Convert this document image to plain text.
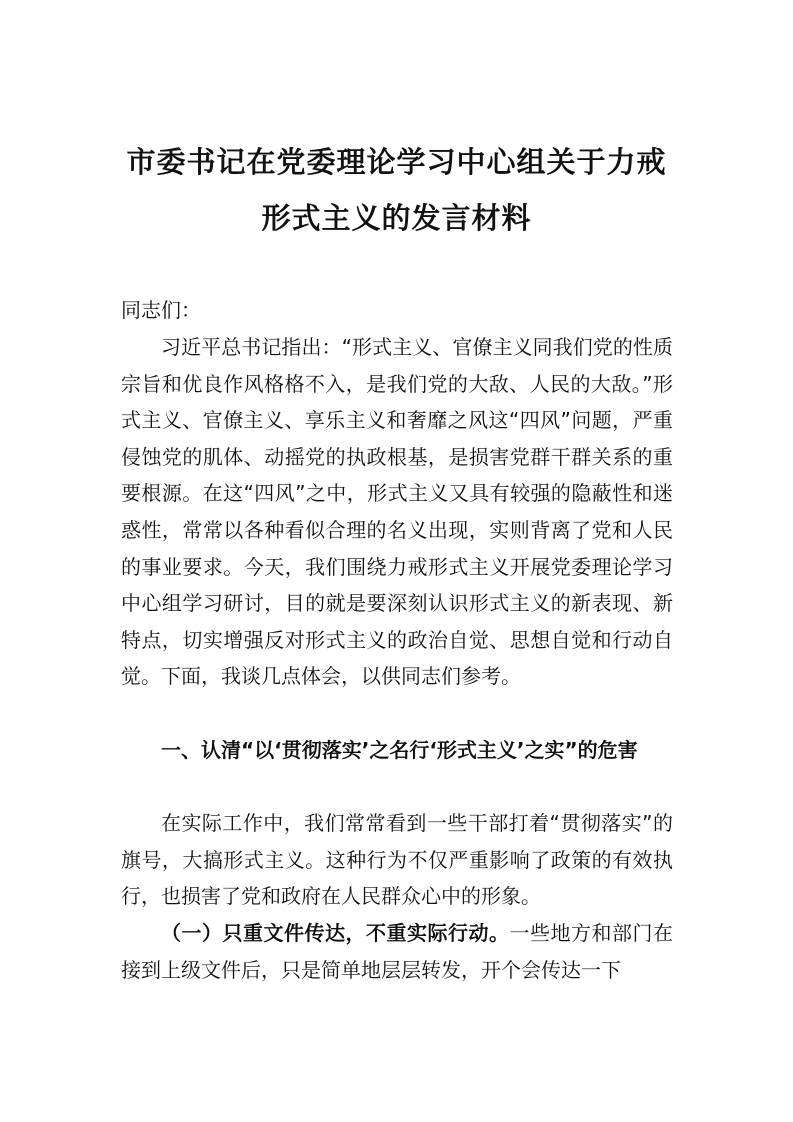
市委书记在党委理论学习中心组关于力戒
形式主义的发言材料

同志们：

习近平总书记指出：“形式主义、官僚主义同我们党的性质宗旨和优良作风格格不入，是我们党的大敌、人民的大敌。”形式主义、官僚主义、享乐主义和奢靡之风这“四风”问题，严重侵蚀党的肌体、动摇党的执政根基，是损害党群干群关系的重要根源。在这“四风”之中，形式主义又具有较强的隐蔽性和迷惑性，常常以各种看似合理的名义出现，实则背离了党和人民的事业要求。今天，我们围绕力戒形式主义开展党委理论学习中心组学习研讨，目的就是要深刻认识形式主义的新表现、新特点，切实增强反对形式主义的政治自觉、思想自觉和行动自觉。下面，我谈几点体会，以供同志们参考。

一、认清“以‘贯彻落实’之名行‘形式主义’之实”的危害

在实际工作中，我们常常看到一些干部打着“贯彻落实”的旗号，大搞形式主义。这种行为不仅严重影响了政策的有效执行，也损害了党和政府在人民群众心中的形象。

（一）只重文件传达，不重实际行动。一些地方和部门在接到上级文件后，只是简单地层层转发，开个会传达一下
